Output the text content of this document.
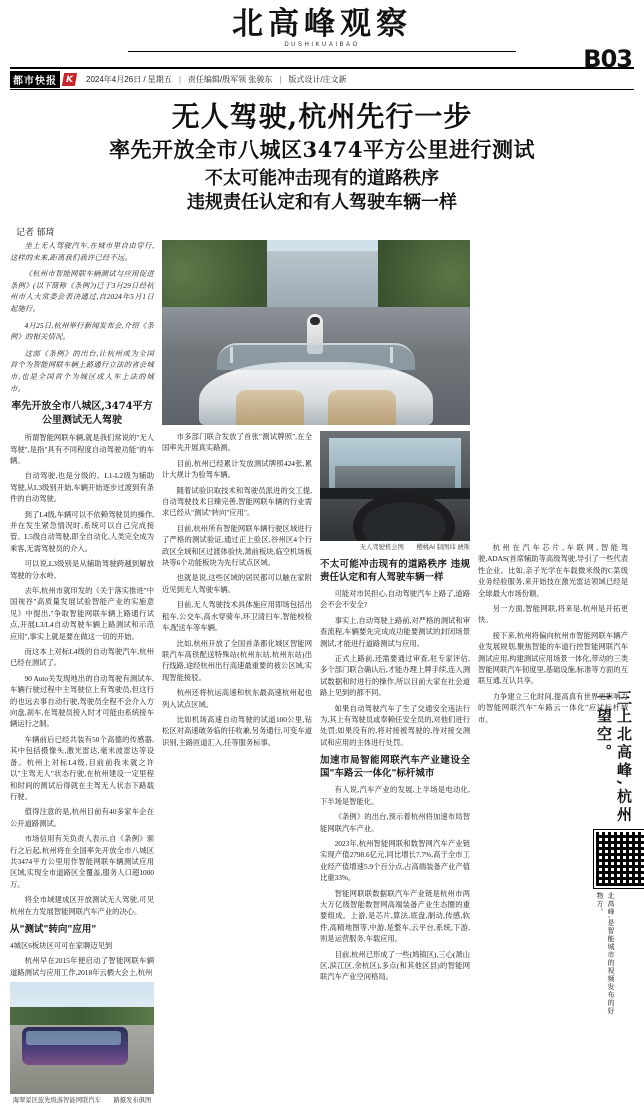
北高峰观察
DUSHIKUAIBAO	B03
都市快报 K	2024年4月26日 / 星期五 | 责任编辑/殷军领 张骏东 | 版式设计/庄文新
无人驾驶,杭州先行一步
率先开放全市八城区3474平方公里进行测试
不太可能冲击现有的道路秩序
违规责任认定和有人驾驶车辆一样
记者 郁琦

坐上无人驾驶汽车,在城市里自由穿行,这样的未来,距离我们我许已经不远。

《杭州市智能网联车辆测试与应用促进条例》(以下简称《条例》)已于3月29日经杭州市人大常委会表决通过,自2024年5月1日起施行。

4月25日,杭州举行新闻发布会,介绍《条例》的相关情况。

这部《条例》的出台,让杭州成为全国首个为智能网联车辆上路通行立法的省会城市,也是全国首个为城区成人车上法的城市。

率先开放全市八城区,3474平方公里测试无人驾驶

所谓智能网联车辆,就是我们常说的"无人驾驶",是指"具有不同程度自动驾驶功能"的车辆。

自动驾驶,也是分级的。L1-L2级为辅助驾驶,从L3级别开始,车辆开始逐步过渡到有条件的自动驾驶。

到了L4级,车辆可以不依赖驾驶员的操作,并在发生紧急情况时,系统可以自己完成接管。L5级自动驾驶,即全自动化,人类完全成为乘客,无需驾驶员的介入。

可以说,L3级别是从辅助驾驶跨越到解放驾驶的分水岭。

去年,杭州市就印发的《关于落实推进"中国视谷"高质量发展试验智能产业的实施意见》中提出,"争取智能网联车辆上路通行试点,开展L3/L4自动驾驶车辆上路测试和示范应用",事实上就是要在做这一切的开始。

而这本上对标L4级的自动驾驶汽车,杭州已经在测试了。

90 Auto关发现地出的自动驾驶有测试车,车辆行驶过程中主驾驶位上有驾驶员,但这行的也远去事自动行驶,驾驶员全程不会介入方向盘,刹车,在驾驶员接入时才可能由系统接车辆运行之制。

车辆前后已经共装有50个高德的传感器,其中包括摄像头,激光雷达,毫米波雷达等设备。杭州上对标L4级,目前前我未就之许以"主驾无人"状态行驶,在杭州建设一定里程和时间的测试后得就在主驾无人状态下路载行驶。

值得注意的是,杭州目前有40多家车企在公开道路测试。

市场信用有关负责人表示,自《条例》颁行之后起,杭州将在全国率先开放全市八城区共3474平方公里用作智能网联车辆测试应用区域,实现全市道路区全覆盖,服务人口超1000万。

将全市域建成区开放测试无人驾驶,可见杭州在力发展智能网联汽车产业的决心。

从"测试"转向"应用"

4城区6板块区可可在家聊迈见到

杭州早在2015年便启动了智能网联车辆道路测试与应用工作,2018年云栖大会上,杭州

海翠景区旅先级游智能网联汽车　　路摄发布俱图

市多部门联合发放了首张"测试牌照",在全国率先开展真实路测。

目前,杭州已经累计发放测试牌照424张,累计大规计为验驾车辆。

随着试验识取技术和驾驶员派进的交工提,自动驾驶技术日臻完善,智能网联车辆的行业需求已经从"测试"转向"应用"。

目前,杭州所有智能网联车辆行驶区域进行了严格的测试验证,通过正上验区,谷州区4个行政区全域和区过渡体验快,萧前板块,临空机场板块等6个功能板块为先行试点区域。

也就是说,这些区域的居民都可以触在家附近见到无人驾驶车辆。

目前,无人驾驶技术具体施应用即场包括出租车,公交车,高水穿骑车,环卫清扫车,智能校检车,配送车等车辆。

比如,杭州开放了全国首条都化城区智能网联汽车高铁配送特殊站(杭州东站,杭州东站)出行线路,途经杭州出行高速最重要的被公区域,实现智能接驳。

杭州还将杭运高速和杭东最高速杭州起也列入试点区域。

比如机场高速自动驾驶的试道100公里,钻松区对高速破务临的任收兼,另务通行,可变车道识别,主路匝道汇入,任等服务标事。

无人驾驶机会图　　樱桃AI 制图纬 琥斯
不太可能冲击现有的道路秩序 违规责任认定和有人驾驶车辆一样

可能对市民担心,自动驾驶汽车上路了,道路会不会不安全?

事实上,自动驾驶上路前,对严格的测试和审查流程,车辆要先完成成功能要测试的封闭场景测试,才能进行道路测试与应用。

正式上路前,还需要通过审查,驻专家评估,多个部门联合确认后,才能办理上牌手续,连入测试数据和时进行的操作,所以目前大家在社会道路上见到的都不同。

如果自动驾驶汽车了生了交通安全违法行为,其上有驾驶员或奉赖任安全员的,对他们进行处罚;如果没有的,将对接被驾驶的,待对接交测试和应用的主体进行处罚。

加速市局智能网联汽车产业建设全国"车路云一体化"标杆城市

有人说,汽车产业的发展,上半场是电动化,下半场是智能化。

《条例》的出台,预示着杭州将加速布局智能网联汽车产业。

2023年,杭州智能网联和数智网汽车产业链实现产值2798.6亿元,同比增长7.7%,高于全市工业经产值增速5.9个百分点,占高端装备产业产值比重33%。

智能网联联数据联汽车产业链是杭州市两大万亿级智能数智网高端装备产业生态圈的重要组成。上游,是芯片,算法,底盘,制动,传感,软件,高精地图等,中游,是整车,云平台,系统,下游,则是运营服务,车载应用。

目前,杭州已形成了一些(鸠镇区),三心(萧山区,滨江区,余杭区),多点(和其他区县)的智能网联汽车产业空间格局。

杭州在汽车芯片,车联网,智能驾驶,ADAS(首席辅助等高级驾驶,导引了一些代表性企业。比如,亲子光学在车载微米级的C菜级业务经验服务,来开始技在激光雷达领域已经是全球最大市场份额。

另一方面,智能网联,将来是,杭州是开拓更快。

接下来,杭州将偏向杭州市智能网联车辆产业发展规划,聚焦智能的车道行控智能网联汽车测试应用,构建测试应用场景一体化,带动的三类智能网联汽车韧度里,基础设施,标准等方面的互联互通,互认共享。

力争建立三化时间,提高真有世界更影响力的智能网联汽车"车路云一体化"应试标杆城市。	三上北高峰,杭州一望空。
北高峰,是智能城市的视频发布的好物方。
